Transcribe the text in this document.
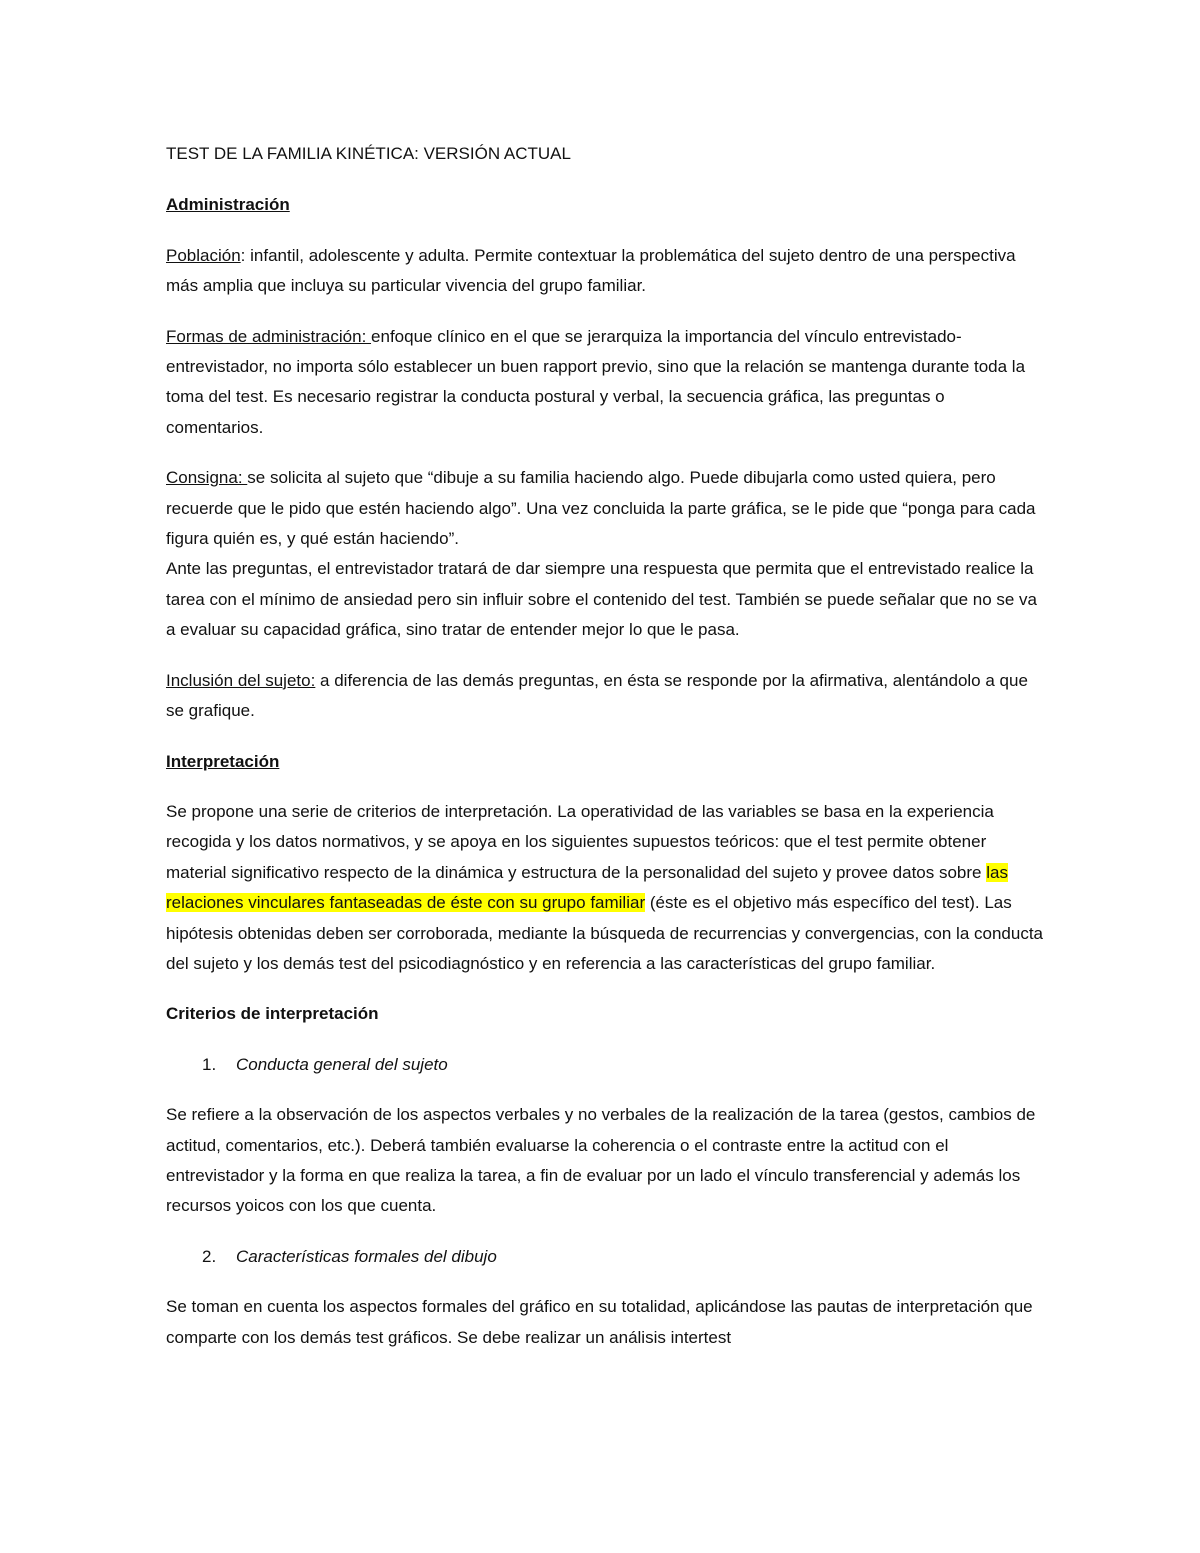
TEST DE LA FAMILIA KINÉTICA: VERSIÓN ACTUAL

Administración

Población: infantil, adolescente y adulta. Permite contextuar la problemática del sujeto dentro de una perspectiva más amplia que incluya su particular vivencia del grupo familiar.

Formas de administración: enfoque clínico en el que se jerarquiza la importancia del vínculo entrevistado-entrevistador, no importa sólo establecer un buen rapport previo, sino que la relación se mantenga durante toda la toma del test. Es necesario registrar la conducta postural y verbal, la secuencia gráfica, las preguntas o comentarios.

Consigna: se solicita al sujeto que “dibuje a su familia haciendo algo. Puede dibujarla como usted quiera, pero recuerde que le pido que estén haciendo algo”. Una vez concluida la parte gráfica, se le pide que “ponga para cada figura quién es, y qué están haciendo”.

Ante las preguntas, el entrevistador tratará de dar siempre una respuesta que permita que el entrevistado realice la tarea con el mínimo de ansiedad pero sin influir sobre el contenido del test. También se puede señalar que no se va a evaluar su capacidad gráfica, sino tratar de entender mejor lo que le pasa.

Inclusión del sujeto: a diferencia de las demás preguntas, en ésta se responde por la afirmativa, alentándolo a que se grafique.

Interpretación

Se propone una serie de criterios de interpretación. La operatividad de las variables se basa en la experiencia recogida y los datos normativos, y se apoya en los siguientes supuestos teóricos: que el test permite obtener material significativo respecto de la dinámica y estructura de la personalidad del sujeto y provee datos sobre las relaciones vinculares fantaseadas de éste con su grupo familiar (éste es el objetivo más específico del test). Las hipótesis obtenidas deben ser corroborada, mediante la búsqueda de recurrencias y convergencias, con la conducta del sujeto y los demás test del psicodiagnóstico y en referencia a las características del grupo familiar.

Criterios de interpretación

1.	Conducta general del sujeto

Se refiere a la observación de los aspectos verbales y no verbales de la realización de la tarea (gestos, cambios de actitud, comentarios, etc.). Deberá también evaluarse la coherencia o el contraste entre la actitud con el entrevistador y la forma en que realiza la tarea, a fin de evaluar por un lado el vínculo transferencial y además los recursos yoicos con los que cuenta.

2.	Características formales del dibujo

Se toman en cuenta los aspectos formales del gráfico en su totalidad, aplicándose las pautas de interpretación que comparte con los demás test gráficos. Se debe realizar un análisis intertest
